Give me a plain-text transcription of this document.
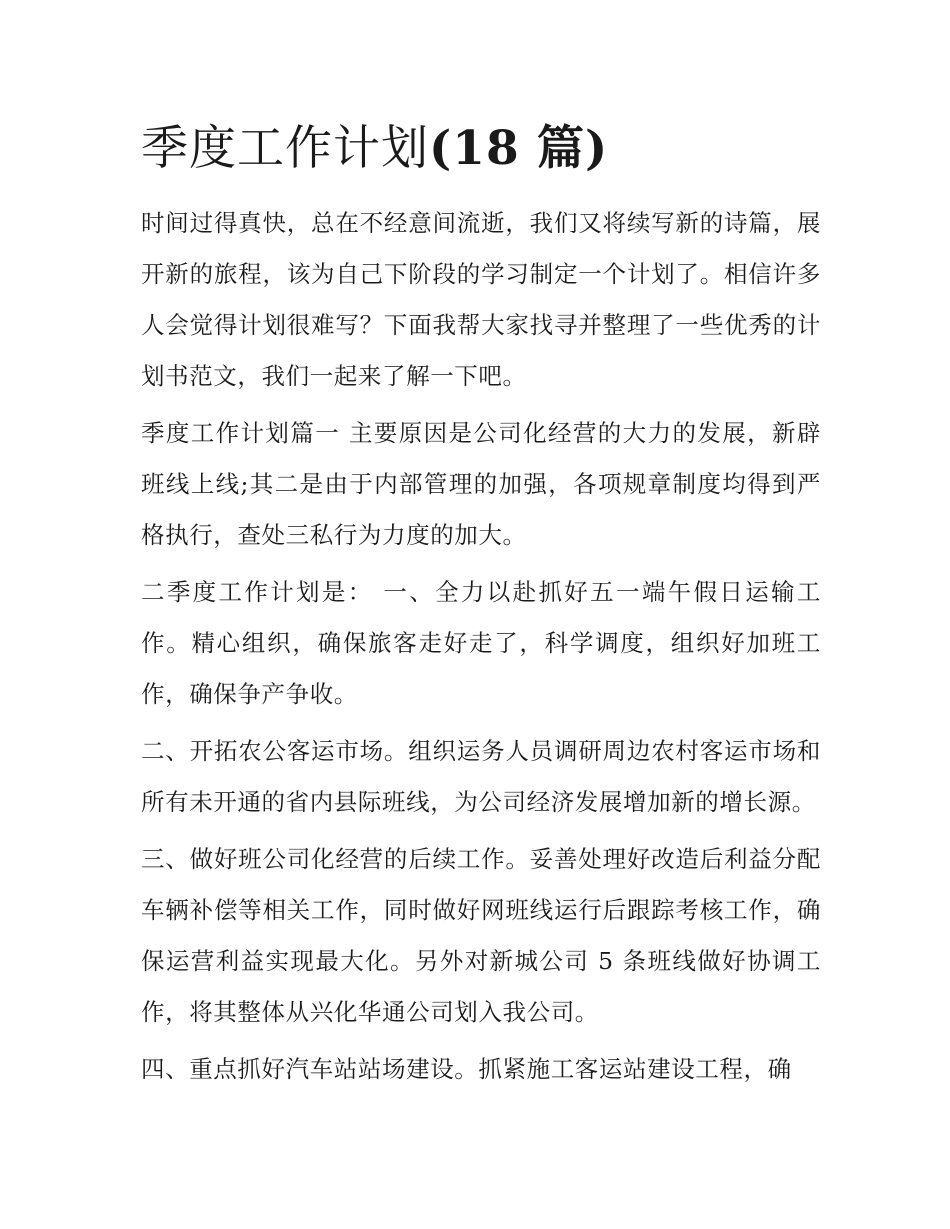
季度工作计划(18 篇)

时间过得真快，总在不经意间流逝，我们又将续写新的诗篇，展开新的旅程，该为自己下阶段的学习制定一个计划了。相信许多人会觉得计划很难写？下面我帮大家找寻并整理了一些优秀的计划书范文，我们一起来了解一下吧。

季度工作计划篇一 主要原因是公司化经营的大力的发展，新辟班线上线;其二是由于内部管理的加强，各项规章制度均得到严格执行，查处三私行为力度的加大。

二季度工作计划是： 一、全力以赴抓好五一端午假日运输工作。精心组织，确保旅客走好走了，科学调度，组织好加班工作，确保争产争收。

二、开拓农公客运市场。组织运务人员调研周边农村客运市场和所有未开通的省内县际班线，为公司经济发展增加新的增长源。

三、做好班公司化经营的后续工作。妥善处理好改造后利益分配车辆补偿等相关工作，同时做好网班线运行后跟踪考核工作，确保运营利益实现最大化。另外对新城公司 5 条班线做好协调工作，将其整体从兴化华通公司划入我公司。

四、重点抓好汽车站站场建设。抓紧施工客运站建设工程，确
